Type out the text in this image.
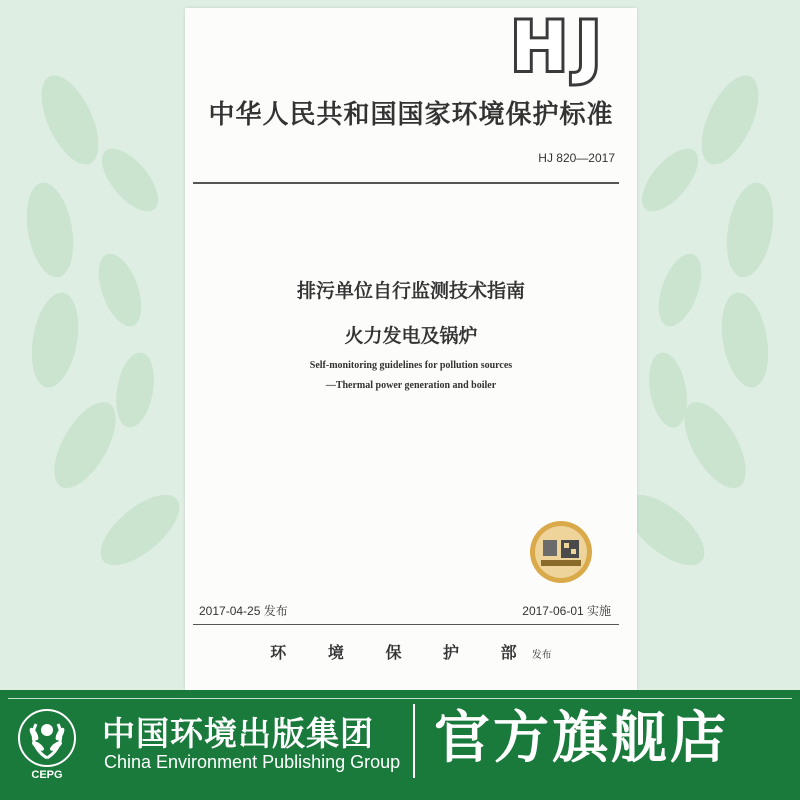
HJ
中华人民共和国国家环境保护标准
HJ 820—2017
排污单位自行监测技术指南
火力发电及锅炉
Self-monitoring guidelines for pollution sources
—Thermal power generation and boiler
2017-04-25 发布	2017-06-01 实施
环 境 保 护 部 发布
CEPG
中国环境出版集团
China Environment Publishing Group 官方旗舰店
